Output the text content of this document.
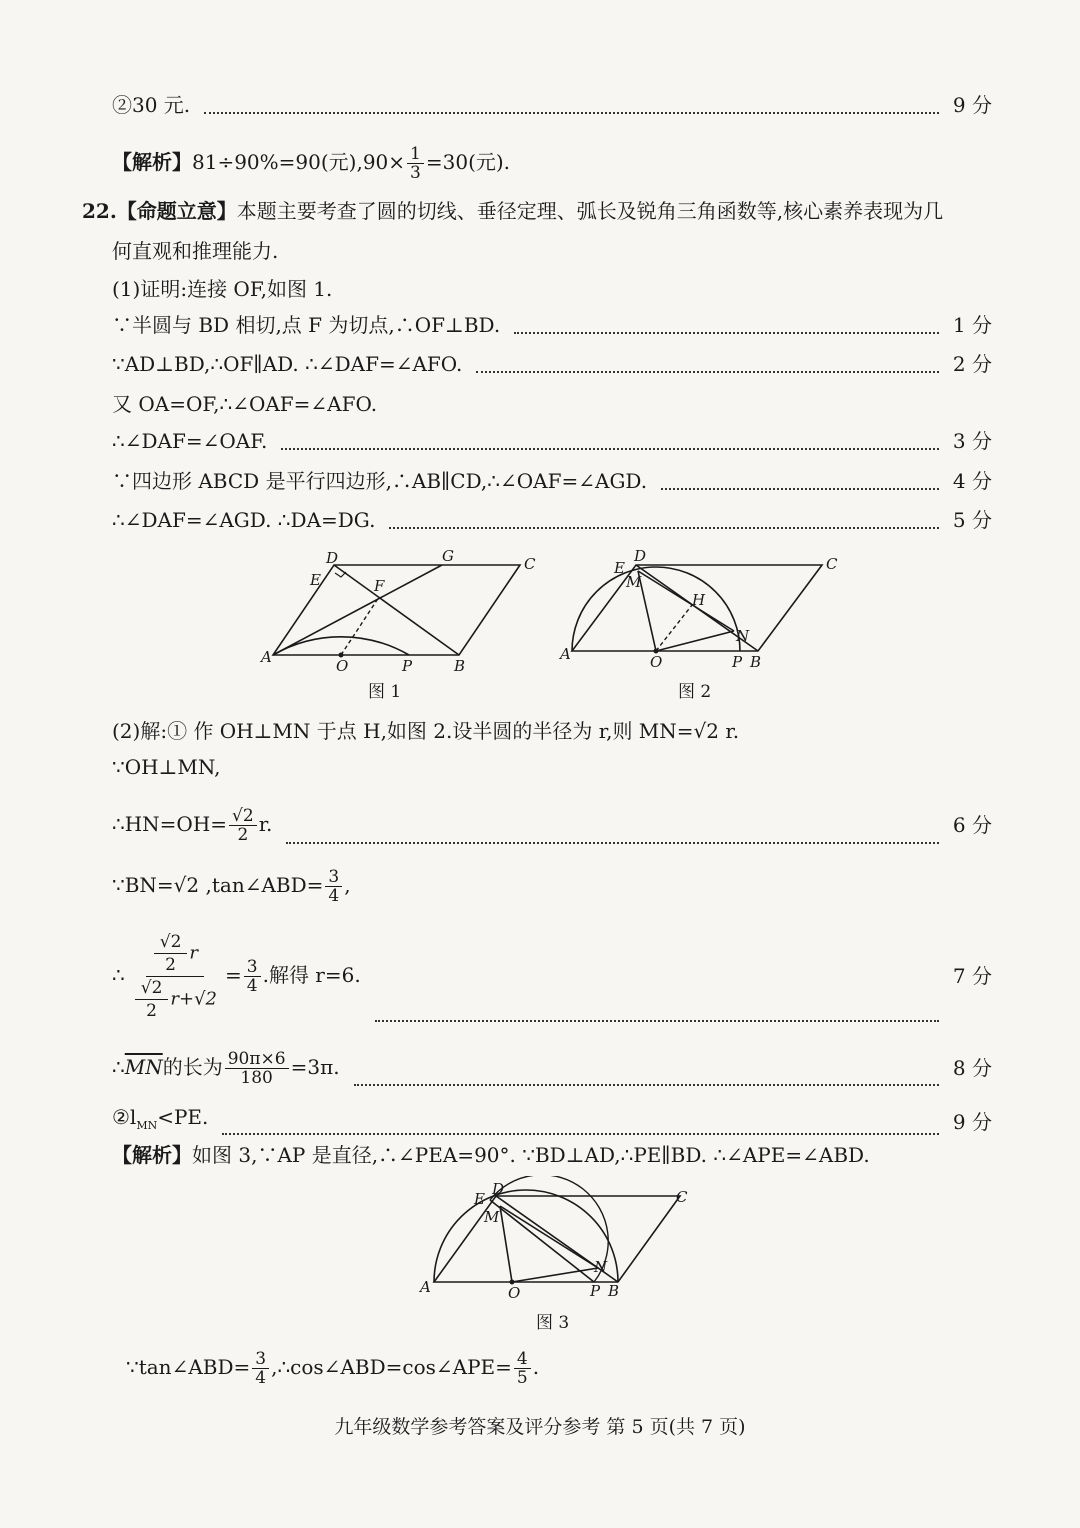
②30 元.	9 分
【解析】81÷90%=90(元)$,90\times \frac{1}{3} =30$(元).
22.【命题立意】本题主要考查了圆的切线、垂径定理、弧长及锐角三角函数等,核心素养表现为几
何直观和推理能力.
(1)证明:连接 OF,如图 1.
∵半圆与 BD 相切,点 F 为切点,∴OF⊥BD.	1 分
∵AD⊥BD,∴OF∥AD. ∴∠DAF=∠AFO.	2 分
又 OA=OF,∴∠OAF=∠AFO.
∴∠DAF=∠OAF.	3 分
∵四边形 ABCD 是平行四边形,∴AB∥CD,∴∠OAF=∠AGD.	4 分
∴∠DAF=∠AGD. ∴DA=DG.	5 分
A	O	P	B
D
E	F
G	C
图 1
A	O	P B
D
E
M
H
N
C
图 2
(2)解:① 作 OH⊥MN 于点 H,如图 2.设半圆的半径为 r,则 MN=√2 r.
∵OH⊥MN,
∴HN=OH= $\frac{√2}{2} r$.	6 分
∵BN=√2 ,tan∠ABD= $\frac{3}{4}$ ,
∴ $\frac{\frac{√2}{2} r}{\frac{√2}{2} r+√2} = \frac{3}{4}$ .解得 r=6.	7 分
$\therefore\overline{MN}$的长为 $\frac{90\pi\times 6}{180} =3\pi$.	8 分
$②l_{MN}<PE$.	9 分
【解析】如图 3,∵AP 是直径,∴∠PEA=90°. ∵BD⊥AD,∴PE∥BD. ∴∠APE=∠ABD.
A	O	P B
D
E
M
N
C
图 3
∵tan∠ABD= $\frac{3}{4}$ ,∴cos∠ABD=cos∠APE= $\frac{4}{5}$ .
九年级数学参考答案及评分参考 第 5 页(共 7 页)
